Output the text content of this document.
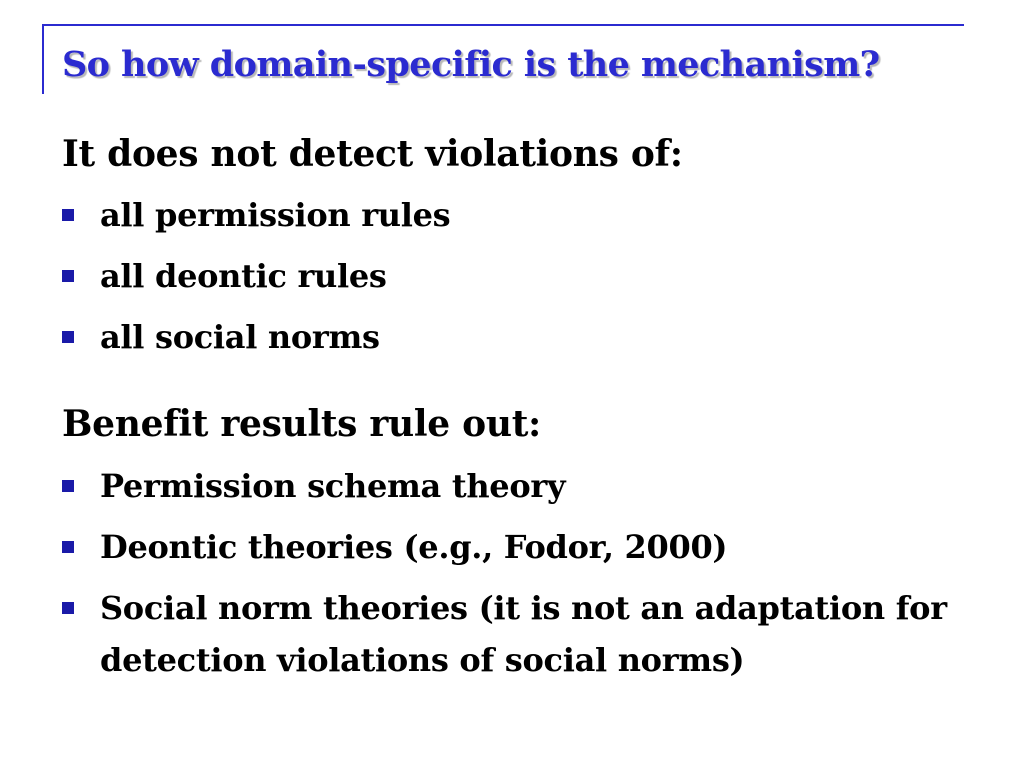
So how domain-specific is the mechanism?
It does not detect violations of:
all permission rules
all deontic rules
all social norms
Benefit results rule out:
Permission schema theory
Deontic theories (e.g., Fodor, 2000)
Social norm theories (it is not an adaptation for detection violations of social norms)
